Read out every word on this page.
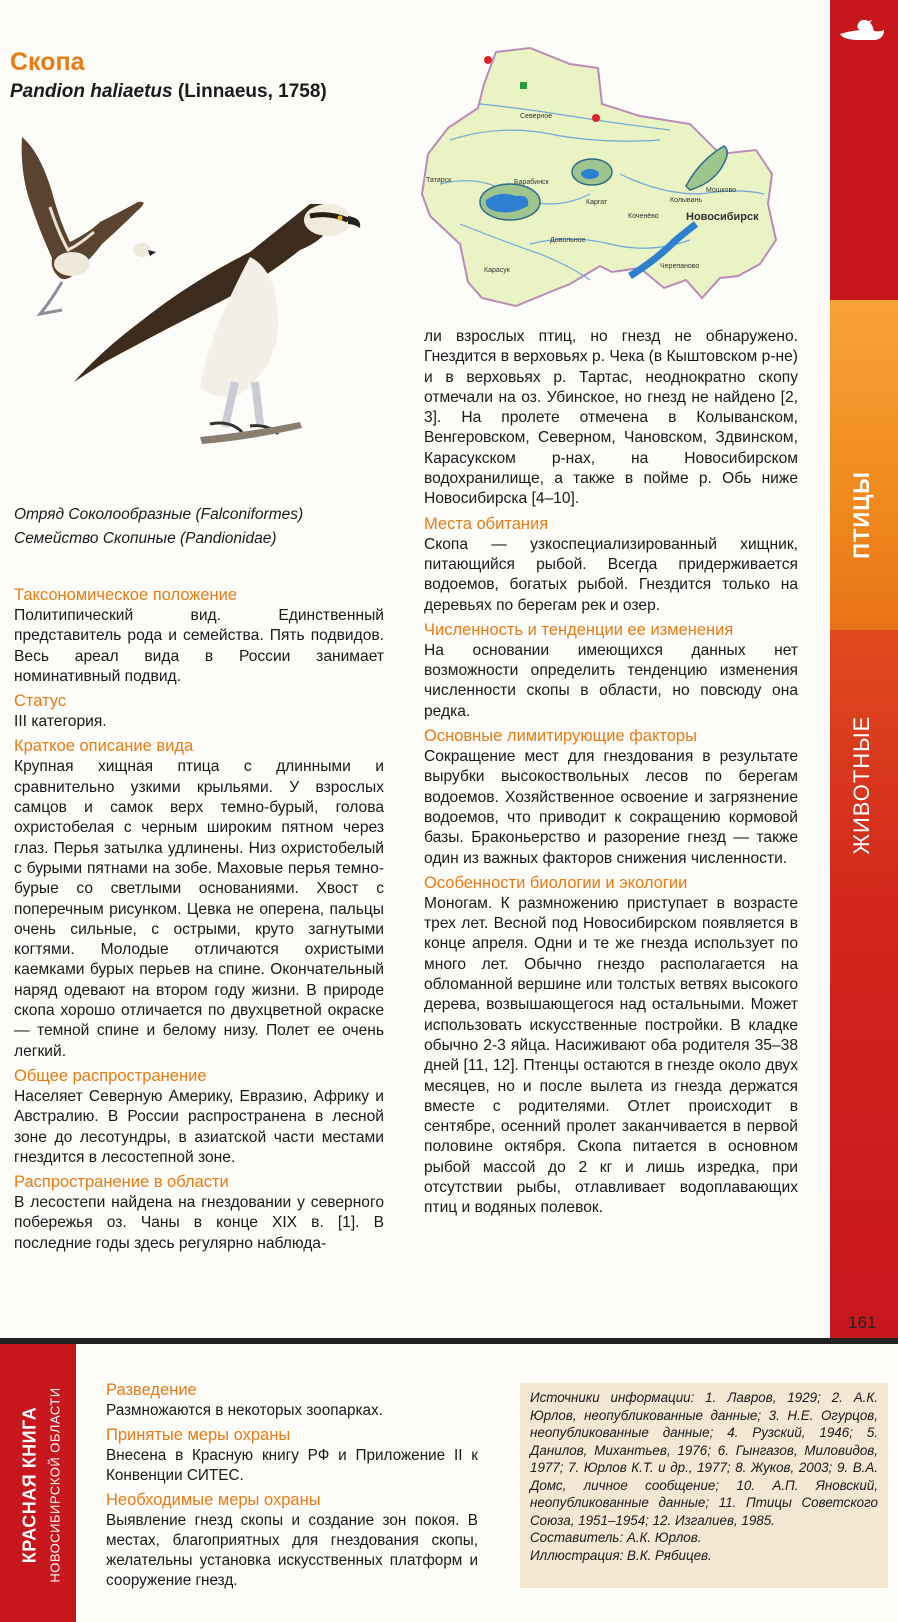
ПТИЦЫ
ЖИВОТНЫЕ
161
Скопа
Pandion haliaetus (Linnaeus, 1758)
Отряд Соколообразные (Falconiformes)
Семейство Скопиные (Pandionidae)
Северное
Татарск	Барабинск
Каргат
Мошково
Колывань
Новосибирск
Кочeнёво
Довольное
Карасук
Черепаново
Таксономическое положение

Политипический вид. Единственный представитель рода и семейства. Пять подвидов. Весь ареал вида в России занимает номинативный подвид.

Статус

III категория.

Краткое описание вида

Крупная хищная птица с длинными и сравнительно узкими крыльями. У взрослых самцов и самок верх темно-бурый, голова охристобелая с черным широким пятном через глаз. Перья затылка удлинены. Низ охристобелый с бурыми пятнами на зобе. Маховые перья темно-бурые со светлыми основаниями. Хвост с поперечным рисунком. Цевка не оперена, пальцы очень сильные, с острыми, круто загнутыми когтями. Молодые отличаются охристыми каемками бурых перьев на спине. Окончательный наряд одевают на втором году жизни. В природе скопа хорошо отличается по двухцветной окраске — темной спине и белому низу. Полет ее очень легкий.

Общее распространение

Населяет Северную Америку, Евразию, Африку и Австралию. В России распространена в лесной зоне до лесотундры, в азиатской части местами гнездится в лесостепной зоне.

Распространение в области

В лесостепи найдена на гнездовании у северного побережья оз. Чаны в конце XIX в. [1]. В последние годы здесь регулярно наблюда-

ли взрослых птиц, но гнезд не обнаружено. Гнездится в верховьях р. Чека (в Кыштовском р-не) и в верховьях р. Тартас, неоднократно скопу отмечали на оз. Убинское, но гнезд не найдено [2, 3]. На пролете отмечена в Колыванском, Венгеровском, Северном, Чановском, Здвинском, Карасукском р-нах, на Новосибирском водохранилище, а также в пойме р. Обь ниже Новосибирска [4–10].

Места обитания

Скопа — узкоспециализированный хищник, питающийся рыбой. Всегда придерживается водоемов, богатых рыбой. Гнездится только на деревьях по берегам рек и озер.

Численность и тенденции ее изменения

На основании имеющихся данных нет возможности определить тенденцию изменения численности скопы в области, но повсюду она редка.

Основные лимитирующие факторы

Сокращение мест для гнездования в результате вырубки высокоствольных лесов по берегам водоемов. Хозяйственное освоение и загрязнение водоемов, что приводит к сокращению кормовой базы. Браконьерство и разорение гнезд — также один из важных факторов снижения численности.

Особенности биологии и экологии

Моногам. К размножению приступает в возрасте трех лет. Весной под Новосибирском появляется в конце апреля. Одни и те же гнезда использует по много лет. Обычно гнездо располагается на обломанной вершине или толстых ветвях высокого дерева, возвышающегося над остальными. Может использовать искусственные постройки. В кладке обычно 2-3 яйца. Насиживают оба родителя 35–38 дней [11, 12]. Птенцы остаются в гнезде около двух месяцев, но и после вылета из гнезда держатся вместе с родителями. Отлет происходит в сентябре, осенний пролет заканчивается в первой половине октября. Скопа питается в основном рыбой массой до 2 кг и лишь изредка, при отсутствии рыбы, отлавливает водоплавающих птиц и водяных полевок.

КРАСНАЯ КНИГА НОВОСИБИРСКОЙ ОБЛАСТИ	Разведение

Размножаются в некоторых зоопарках.

Принятые меры охраны

Внесена в Красную книгу РФ и Приложение II к Конвенции СИТЕС.

Необходимые меры охраны

Выявление гнезд скопы и создание зон покоя. В местах, благоприятных для гнездования скопы, желательны установка искусственных платформ и сооружение гнезд.

Источники информации: 1. Лавров, 1929; 2. А.К. Юрлов, неопубликованные данные; 3. Н.Е. Огурцов, неопубликованные данные; 4. Рузский, 1946; 5. Данилов, Михантьев, 1976; 6. Гынгазов, Миловидов, 1977; 7. Юрлов К.Т. и др., 1977; 8. Жуков, 2003; 9. В.А. Домс, личное сообщение; 10. А.П. Яновский, неопубликованные данные; 11. Птицы Советского Союза, 1951–1954; 12. Изгалиев, 1985.

Составитель: А.К. Юрлов.

Иллюстрация: В.К. Рябицев.
